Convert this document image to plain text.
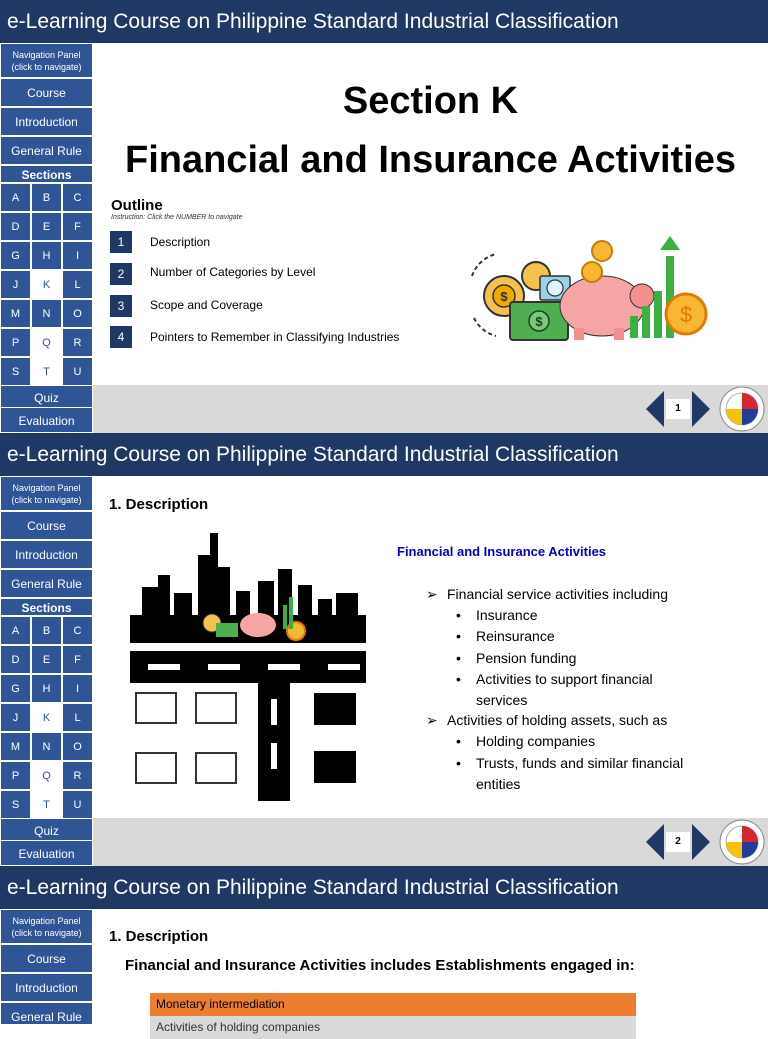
e-Learning Course on Philippine Standard Industrial Classification
Navigation Panel
(click to navigate)
Course
Introduction
General Rule
Sections
Quiz
Evaluation
A	B	C
D	E	F
G	H	I
J	K	L
M	N	O
P	Q	R
S	T	U
Section K
Financial and Insurance Activities
Outline
Instruction: Click the NUMBER to navigate
1	Description
2	Number of Categories by Level
3	Scope and Coverage
4	Pointers to Remember in Classifying Industries
$
$	$
1
e-Learning Course on Philippine Standard Industrial Classification
Navigation Panel
(click to navigate)
Course
Introduction
General Rule
Sections
Quiz
Evaluation
A	B	C
D	E	F
G	H	I
J	K	L
M	N	O
P	Q	R
S	T	U
1. Description
Financial and Insurance Activities
➢ Financial service activities including
• Insurance
• Reinsurance
• Pension funding
• Activities to support financial
services
➢ Activities of holding assets, such as
• Holding companies
• Trusts, funds and similar financial
entities
2
e-Learning Course on Philippine Standard Industrial Classification
Navigation Panel
(click to navigate)
Course
Introduction
General Rule
1. Description
Financial and Insurance Activities includes Establishments engaged in:
Monetary intermediation
Activities of holding companies
